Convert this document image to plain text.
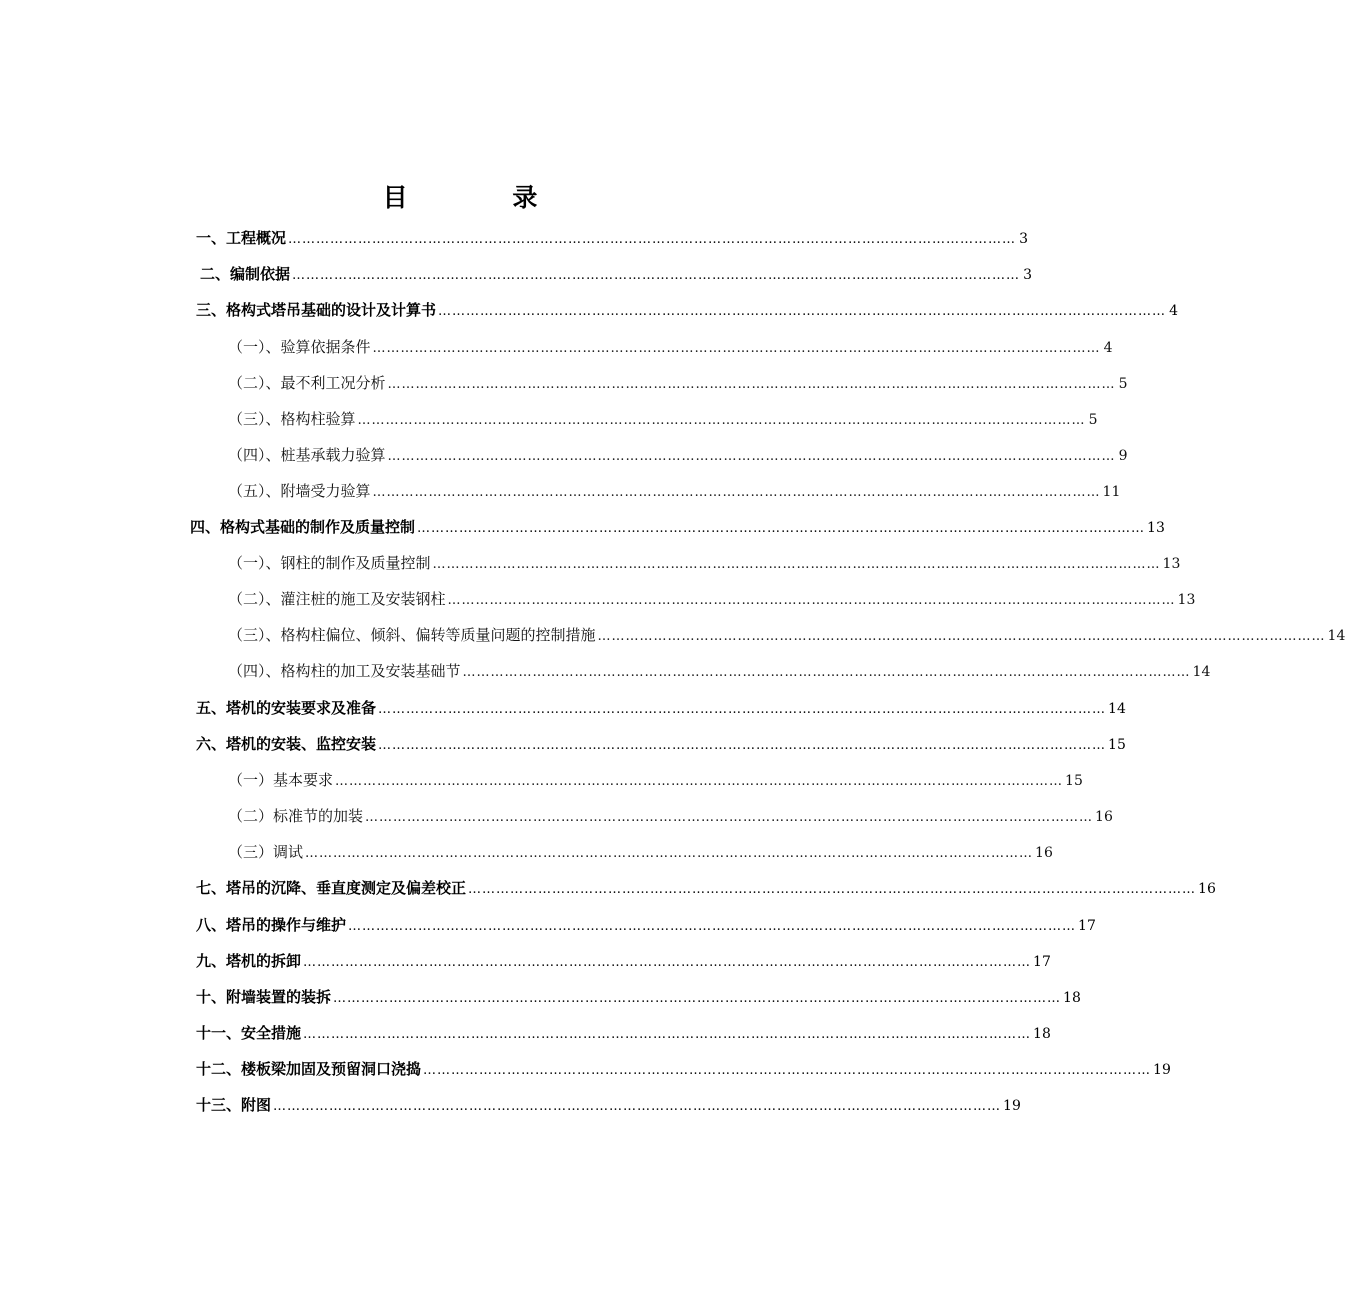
目 录
一、 工程概况 ………………………………………………………………………………………………………………………………………… 3
二、 编制依据 ………………………………………………………………………………………………………………………………………… 3
三、 格构式塔吊基础的设计及计算书 ………………………………………………………………………………………………………………………………………… 4
（一）、 验算依据条件 ………………………………………………………………………………………………………………………………………… 4
（二）、 最不利工况分析 ………………………………………………………………………………………………………………………………………… 5
（三）、 格构柱验算 ………………………………………………………………………………………………………………………………………… 5
（四）、 桩基承载力验算 ………………………………………………………………………………………………………………………………………… 9
（五）、 附墙受力验算 ………………………………………………………………………………………………………………………………………… 11
四、 格构式基础的制作及质量控制 ………………………………………………………………………………………………………………………………………… 13
（一）、 钢柱的制作及质量控制 ………………………………………………………………………………………………………………………………………… 13
（二）、 灌注桩的施工及安装钢柱 ………………………………………………………………………………………………………………………………………… 13
（三）、 格构柱偏位、倾斜、偏转等质量问题的控制措施 ………………………………………………………………………………………………………………………………………… 14
（四）、 格构柱的加工及安装基础节 ………………………………………………………………………………………………………………………………………… 14
五、 塔机的安装要求及准备 ………………………………………………………………………………………………………………………………………… 14
六、 塔机的安装、监控安装 ………………………………………………………………………………………………………………………………………… 15
（一） 基本要求 ………………………………………………………………………………………………………………………………………… 15
（二） 标准节的加装 ………………………………………………………………………………………………………………………………………… 16
（三） 调试 ………………………………………………………………………………………………………………………………………… 16
七、 塔吊的沉降、垂直度测定及偏差校正 ………………………………………………………………………………………………………………………………………… 16
八、 塔吊的操作与维护 ………………………………………………………………………………………………………………………………………… 17
九、 塔机的拆卸 ………………………………………………………………………………………………………………………………………… 17
十、 附墙装置的装拆 ………………………………………………………………………………………………………………………………………… 18
十一、 安全措施 ………………………………………………………………………………………………………………………………………… 18
十二、 楼板梁加固及预留洞口浇捣 ………………………………………………………………………………………………………………………………………… 19
十三、 附图 ………………………………………………………………………………………………………………………………………… 19
